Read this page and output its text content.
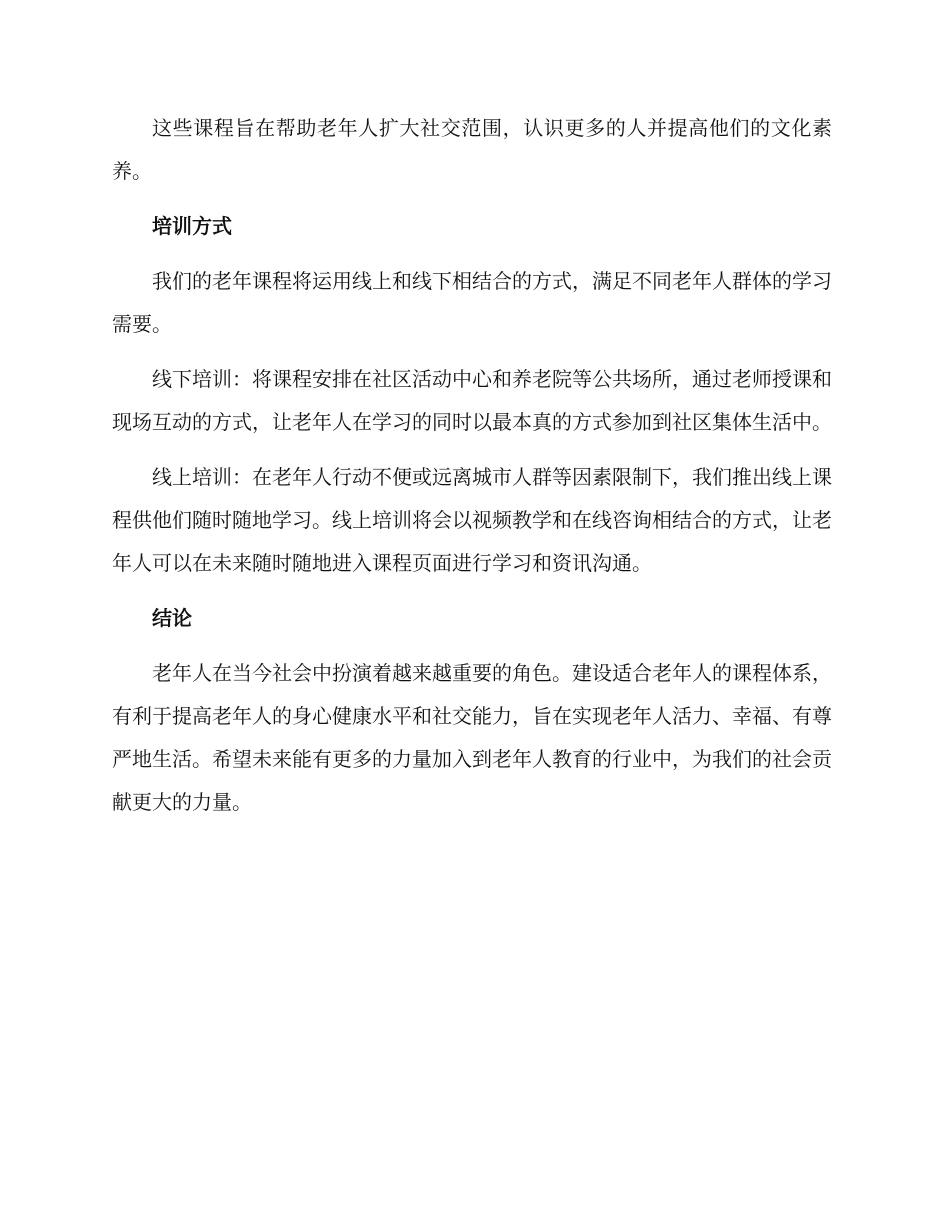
这些课程旨在帮助老年人扩大社交范围，认识更多的人并提高他们的文化素养。

培训方式

我们的老年课程将运用线上和线下相结合的方式，满足不同老年人群体的学习需要。

线下培训：将课程安排在社区活动中心和养老院等公共场所，通过老师授课和现场互动的方式，让老年人在学习的同时以最本真的方式参加到社区集体生活中。

线上培训：在老年人行动不便或远离城市人群等因素限制下，我们推出线上课程供他们随时随地学习。线上培训将会以视频教学和在线咨询相结合的方式，让老年人可以在未来随时随地进入课程页面进行学习和资讯沟通。

结论

老年人在当今社会中扮演着越来越重要的角色。建设适合老年人的课程体系，有利于提高老年人的身心健康水平和社交能力，旨在实现老年人活力、幸福、有尊严地生活。希望未来能有更多的力量加入到老年人教育的行业中，为我们的社会贡献更大的力量。
